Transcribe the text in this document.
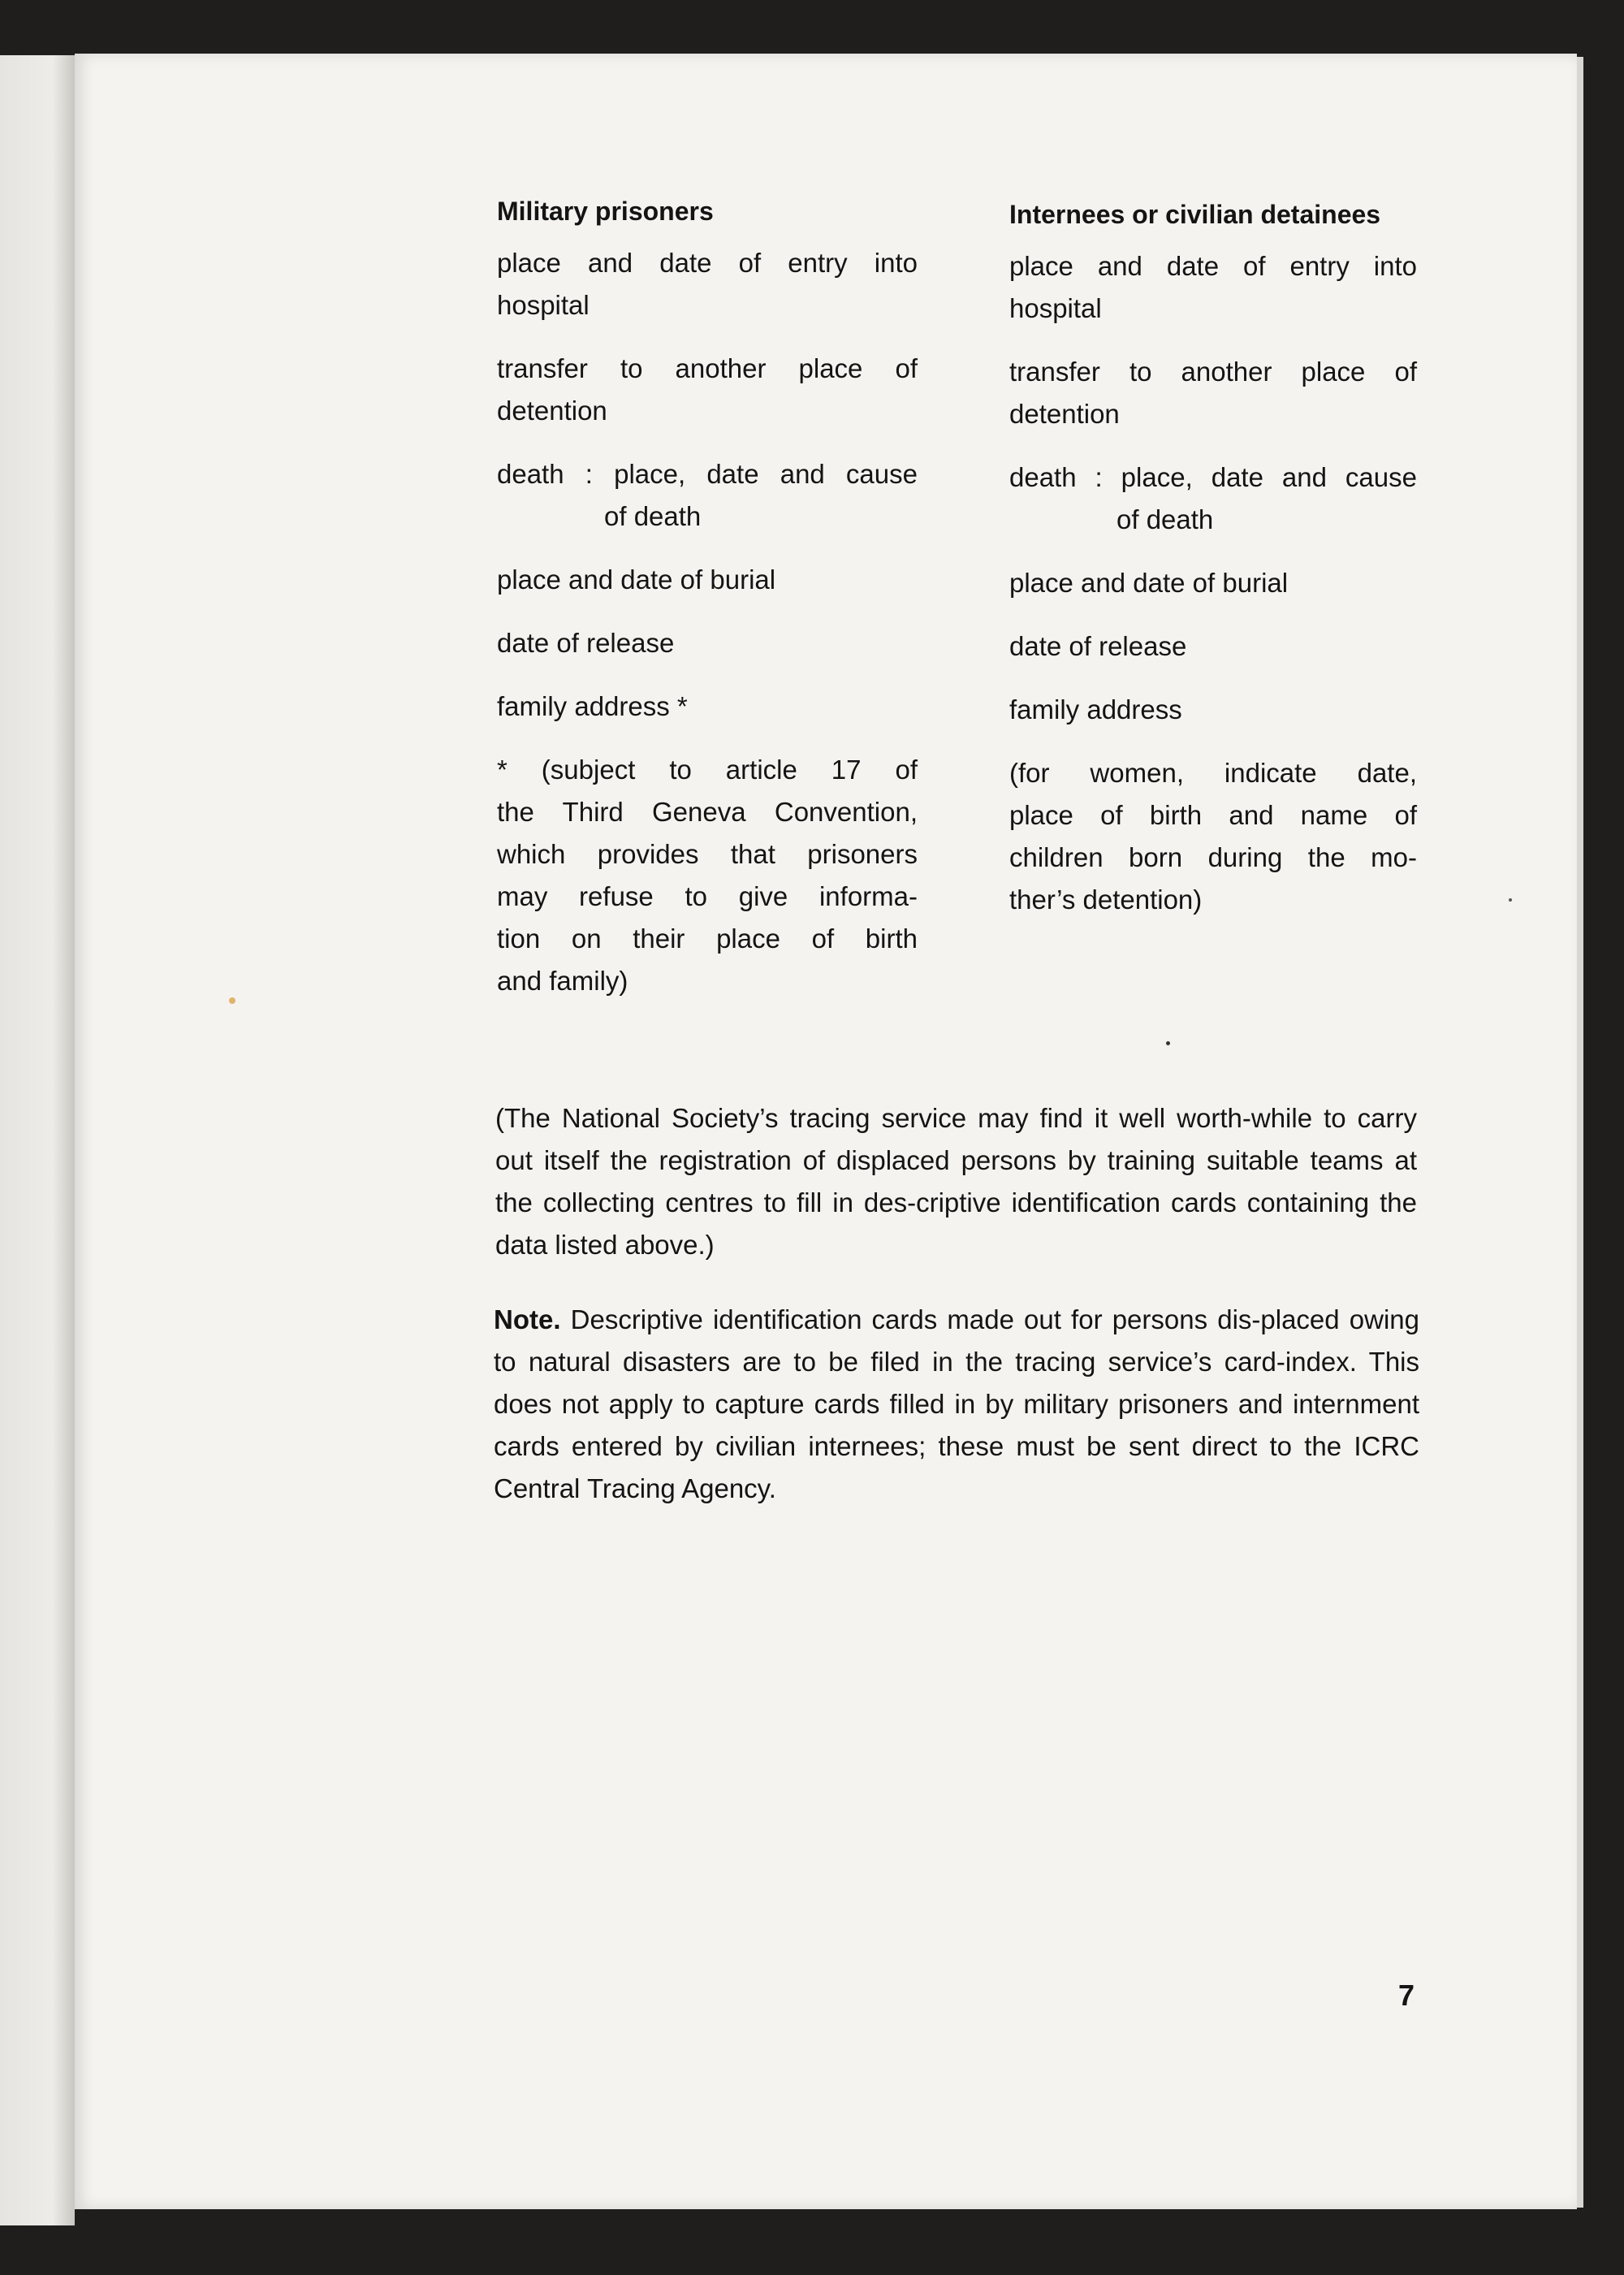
Military prisoners

place and date of entry into

hospital

transfer to another place of

detention

death : place, date and cause

of death

place and date of burial

date of release

family address *

* (subject to article 17 of

the Third Geneva Convention,

which provides that prisoners

may refuse to give informa-

tion on their place of birth

and family)

Internees or civilian detainees

place and date of entry into

hospital

transfer to another place of

detention

death : place, date and cause

of death

place and date of burial

date of release

family address

(for women, indicate date,

place of birth and name of

children born during the mo-

ther’s detention)

(The National Society’s tracing service may find it well worth-while to carry out itself the registration of displaced persons by training suitable teams at the collecting centres to fill in des-criptive identification cards containing the data listed above.)

Note. Descriptive identification cards made out for persons dis-placed owing to natural disasters are to be filed in the tracing service’s card-index. This does not apply to capture cards filled in by military prisoners and internment cards entered by civilian internees; these must be sent direct to the ICRC Central Tracing Agency.

7
